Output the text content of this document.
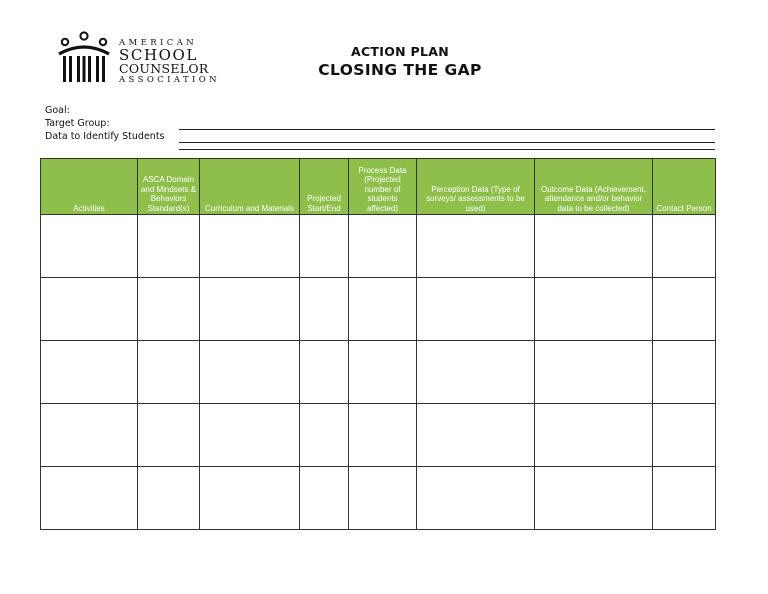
AMERICAN
SCHOOL
COUNSELOR
ASSOCIATION
ACTION PLAN
CLOSING THE GAP
Goal:
Target Group:
Data to Identify Students
Activities	ASCA Domain and Mindsets & Behaviors Standard(s)	Curriculum and Materials	Projected Start/End	Process Data (Projected number of students affected)	Perception Data (Type of surveys/ assessments to be used)	Outcome Data (Achievement, attendance and/or behavior data to be collected)	Contact Person
